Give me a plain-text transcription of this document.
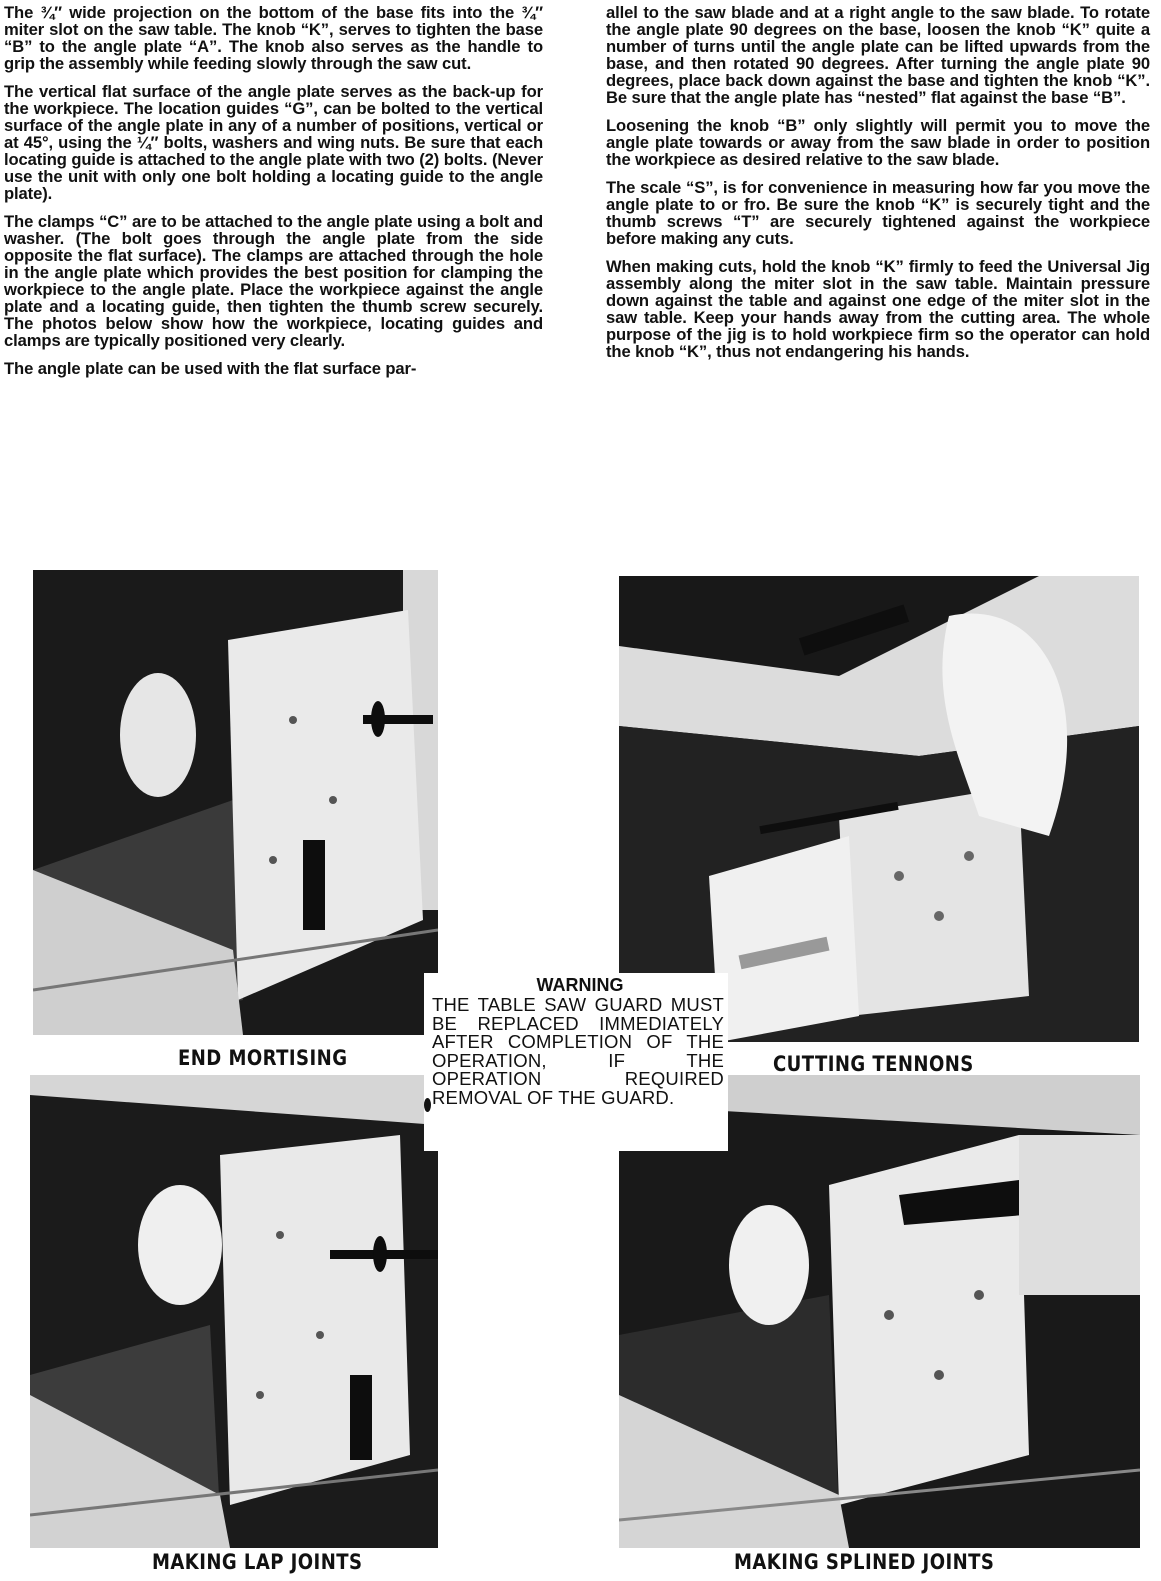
The ¾″ wide projection on the bottom of the base fits into the ¾″ miter slot on the saw table. The knob “K”, serves to tighten the base “B” to the angle plate “A”. The knob also serves as the handle to grip the assembly while feeding slowly through the saw cut.

The vertical flat surface of the angle plate serves as the back-up for the workpiece. The location guides “G”, can be bolted to the vertical surface of the angle plate in any of a number of positions, vertical or at 45°, using the ¼″ bolts, washers and wing nuts. Be sure that each locating guide is attached to the angle plate with two (2) bolts. (Never use the unit with only one bolt holding a locating guide to the angle plate).

The clamps “C” are to be attached to the angle plate using a bolt and washer. (The bolt goes through the angle plate from the side opposite the flat surface). The clamps are attached through the hole in the angle plate which provides the best position for clamping the workpiece to the angle plate. Place the workpiece against the angle plate and a locating guide, then tighten the thumb screw securely. The photos below show how the workpiece, locating guides and clamps are typically positioned very clearly.

The angle plate can be used with the flat surface par-

allel to the saw blade and at a right angle to the saw blade. To rotate the angle plate 90 degrees on the base, loosen the knob “K” quite a number of turns until the angle plate can be lifted upwards from the base, and then rotated 90 degrees. After turning the angle plate 90 degrees, place back down against the base and tighten the knob “K”. Be sure that the angle plate has “nested” flat against the base “B”.

Loosening the knob “B” only slightly will permit you to move the angle plate towards or away from the saw blade in order to position the workpiece as desired relative to the saw blade.

The scale “S”, is for convenience in measuring how far you move the angle plate to or fro. Be sure the knob “K” is securely tight and the thumb screws “T” are securely tightened against the workpiece before making any cuts.

When making cuts, hold the knob “K” firmly to feed the Universal Jig assembly along the miter slot in the saw table. Maintain pressure down against the table and against one edge of the miter slot in the saw table. Keep your hands away from the cutting area. The whole purpose of the jig is to hold workpiece firm so the operator can hold the knob “K”, thus not endangering his hands.

END MORTISING	CUTTING TENNONS
MAKING LAP JOINTS	MAKING SPLINED JOINTS
WARNING
THE TABLE SAW GUARD MUST BE REPLACED IMMEDIATELY AFTER COMPLETION OF THE OPERATION, IF THE OPERATION REQUIRED REMOVAL OF THE GUARD.
